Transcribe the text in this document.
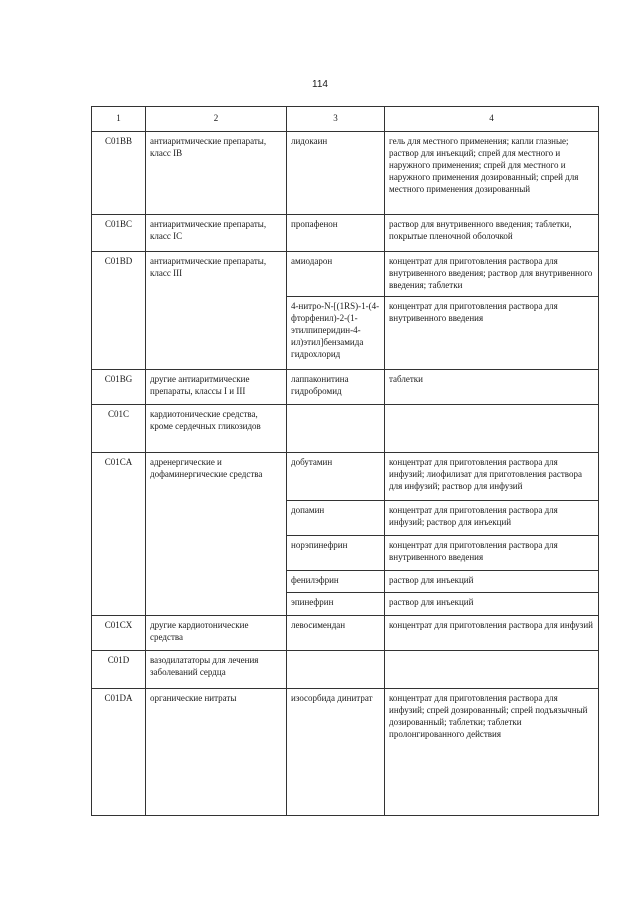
114
1	2	3	4
C01BB	антиаритмические препараты, класс IB	лидокаин	гель для местного применения; капли глазные; раствор для инъекций; спрей для местного и наружного применения; спрей для местного и наружного применения дозированный; спрей для местного применения дозированный
C01BC	антиаритмические препараты, класс IC	пропафенон	раствор для внутривенного введения; таблетки, покрытые пленочной оболочкой
C01BD	антиаритмические препараты, класс III	амиодарон	концентрат для приготовления раствора для внутривенного введения; раствор для внутривенного введения; таблетки
		4-нитро-N-[(1RS)-1-(4-фторфенил)-2-(1-этилпиперидин-4-ил)этил]бензамида гидрохлорид	концентрат для приготовления раствора для внутривенного введения
C01BG	другие антиаритмические препараты, классы I и III	лаппаконитина гидробромид	таблетки
C01C	кардиотонические средства, кроме сердечных гликозидов		
C01CA	адренергические и дофаминергические средства	добутамин	концентрат для приготовления раствора для инфузий; лиофилизат для приготовления раствора для инфузий; раствор для инфузий
		допамин	концентрат для приготовления раствора для инфузий; раствор для инъекций
		норэпинефрин	концентрат для приготовления раствора для внутривенного введения
		фенилэфрин	раствор для инъекций
		эпинефрин	раствор для инъекций
C01CX	другие кардиотонические средства	левосимендан	концентрат для приготовления раствора для инфузий
C01D	вазодилататоры для лечения заболеваний сердца		
C01DA	органические нитраты	изосорбида динитрат	концентрат для приготовления раствора для инфузий; спрей дозированный; спрей подъязычный дозированный; таблетки; таблетки пролонгированного действия
